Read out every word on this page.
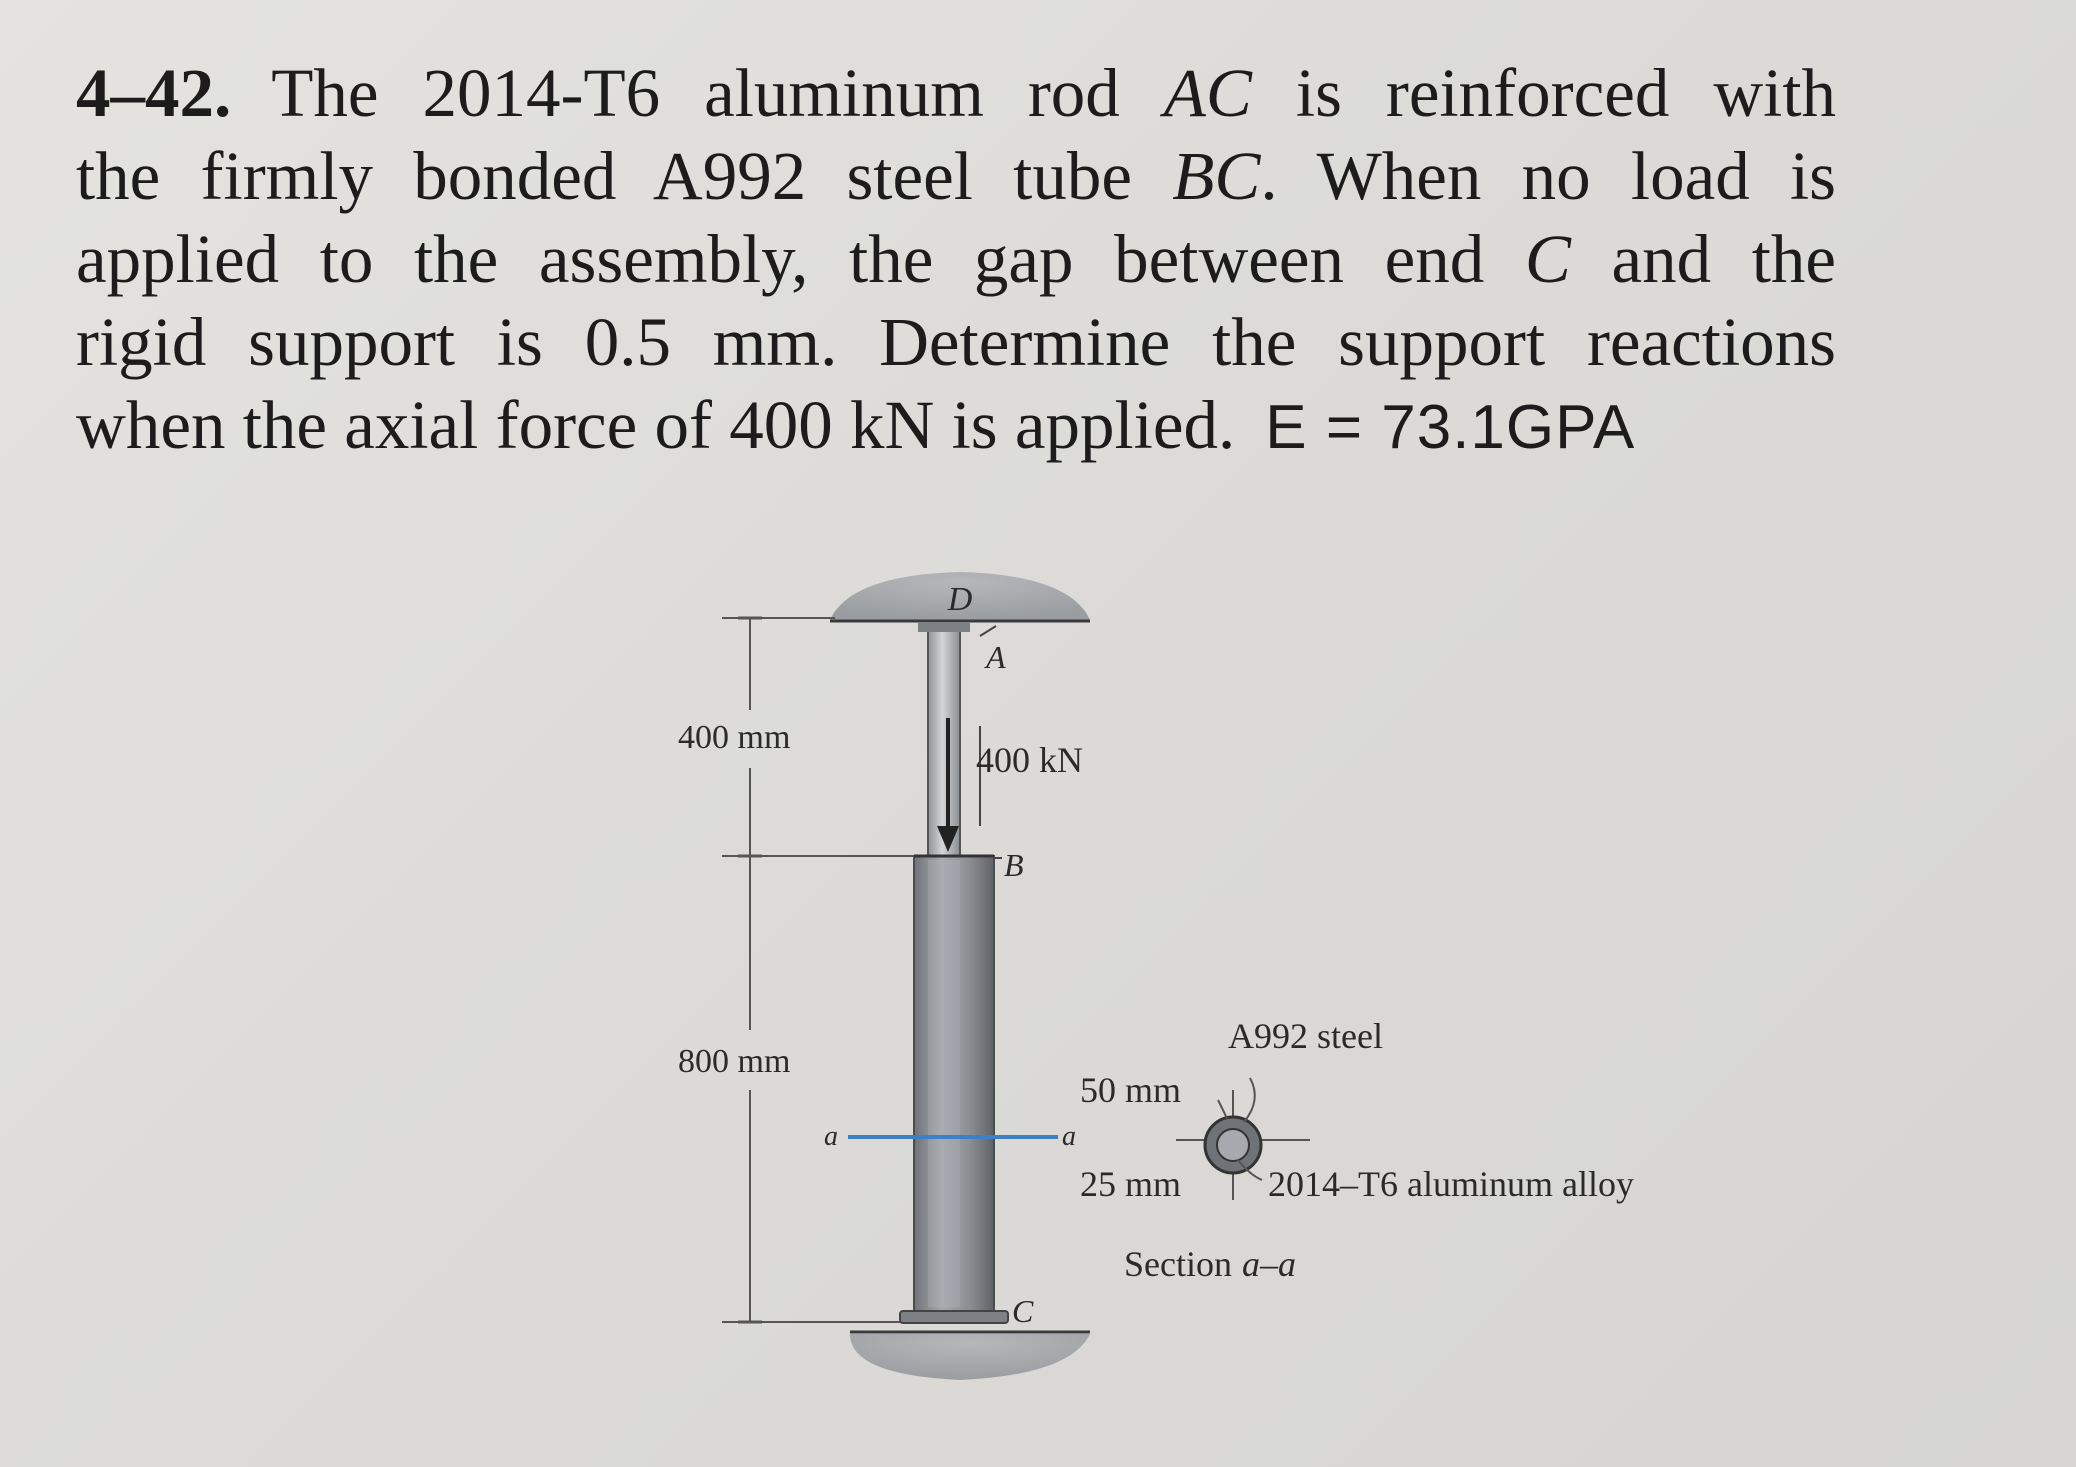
4–42. The 2014-T6 aluminum rod AC is reinforced with
the firmly bonded A992 steel tube BC. When no load is
applied to the assembly, the gap between end C and the
rigid support is 0.5 mm. Determine the support reactions
when the axial force of 400 kN is applied. E = 73.1GPA
D
A
B
C
400 kN
400 mm
800 mm
a	a
A992 steel
50 mm
25 mm 2014–T6 aluminum alloy
Section a–a
